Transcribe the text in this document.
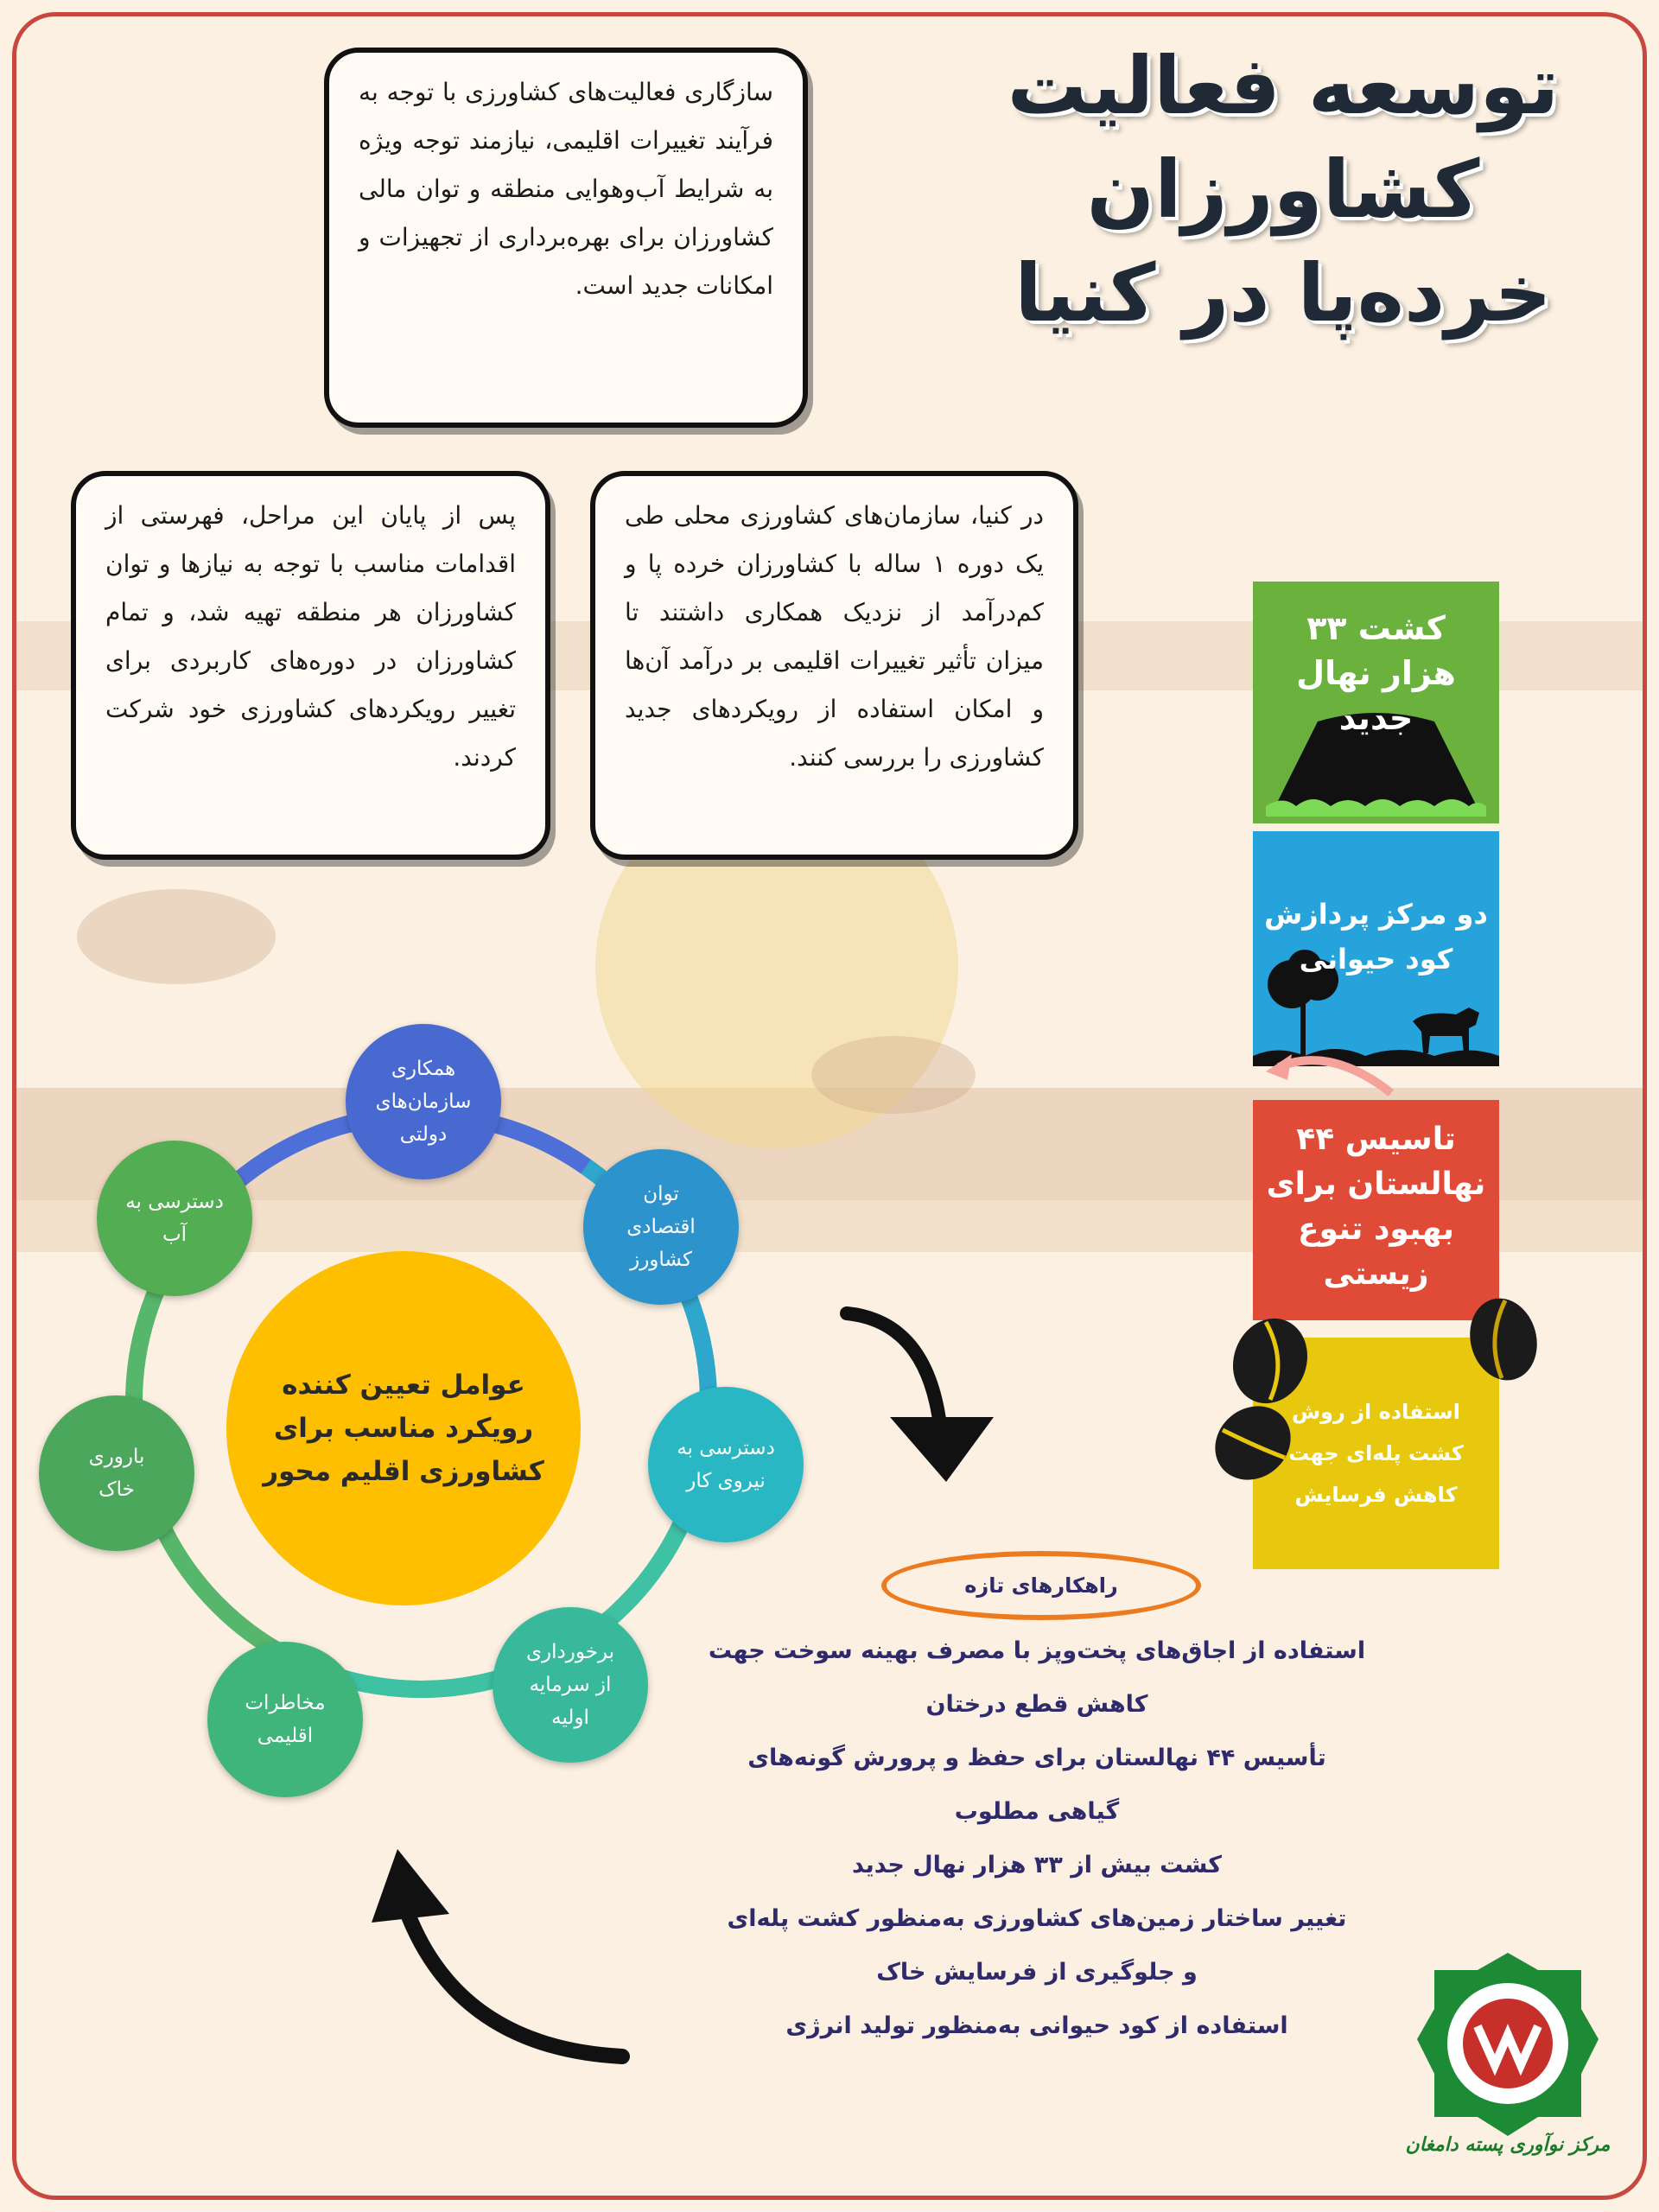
توسعه فعالیت
کشاورزان
خرده‌پا در کنیا
سازگاری فعالیت‌های کشاورزی با توجه به فرآیند تغییرات اقلیمی، نیازمند توجه ویژه به شرایط آب‌وهوایی منطقه و توان مالی کشاورزان برای بهره‌برداری از تجهیزات و امکانات جدید است.
پس از پایان این مراحل، فهرستی از اقدامات مناسب با توجه به نیازها و توان کشاورزان هر منطقه تهیه شد، و تمام کشاورزان در دوره‌های کاربردی برای تغییر رویکردهای کشاورزی خود شرکت کردند.
در کنیا، سازمان‌های کشاورزی محلی طی یک دوره ۱ ساله با کشاورزان خرده پا و کم‌درآمد از نزدیک همکاری داشتند تا میزان تأثیر تغییرات اقلیمی بر درآمد آن‌ها و امکان استفاده از رویکردهای جدید کشاورزی را بررسی کنند.
کشت ۳۳
هزار نهال
جدید
دو مرکز پردازش
کود حیوانی
تاسیس ۴۴
نهالستان برای
بهبود تنوع زیستی
استفاده از روش
کشت پله‌ای جهت
کاهش فرسایش
عوامل تعیین کننده
رویکرد مناسب برای
کشاورزی اقلیم محور
همکاری
سازمان‌های
دولتی
توان
اقتصادی
کشاورز
دسترسی به
نیروی کار
برخورداری
از سرمایه
اولیه
مخاطرات
اقلیمی
باروری
خاک
دسترسی به
آب
راهکارهای تازه
استفاده از اجاق‌های پخت‌وپز با مصرف بهینه سوخت جهت
کاهش قطع درختان
تأسیس ۴۴ نهالستان برای حفظ و پرورش گونه‌های
گیاهی مطلوب
کشت بیش از ۳۳ هزار نهال جدید
تغییر ساختار زمین‌های کشاورزی به‌منظور کشت پله‌ای
و جلوگیری از فرسایش خاک
استفاده از کود حیوانی به‌منظور تولید انرژی
مرکز نوآوری پسته دامغان
